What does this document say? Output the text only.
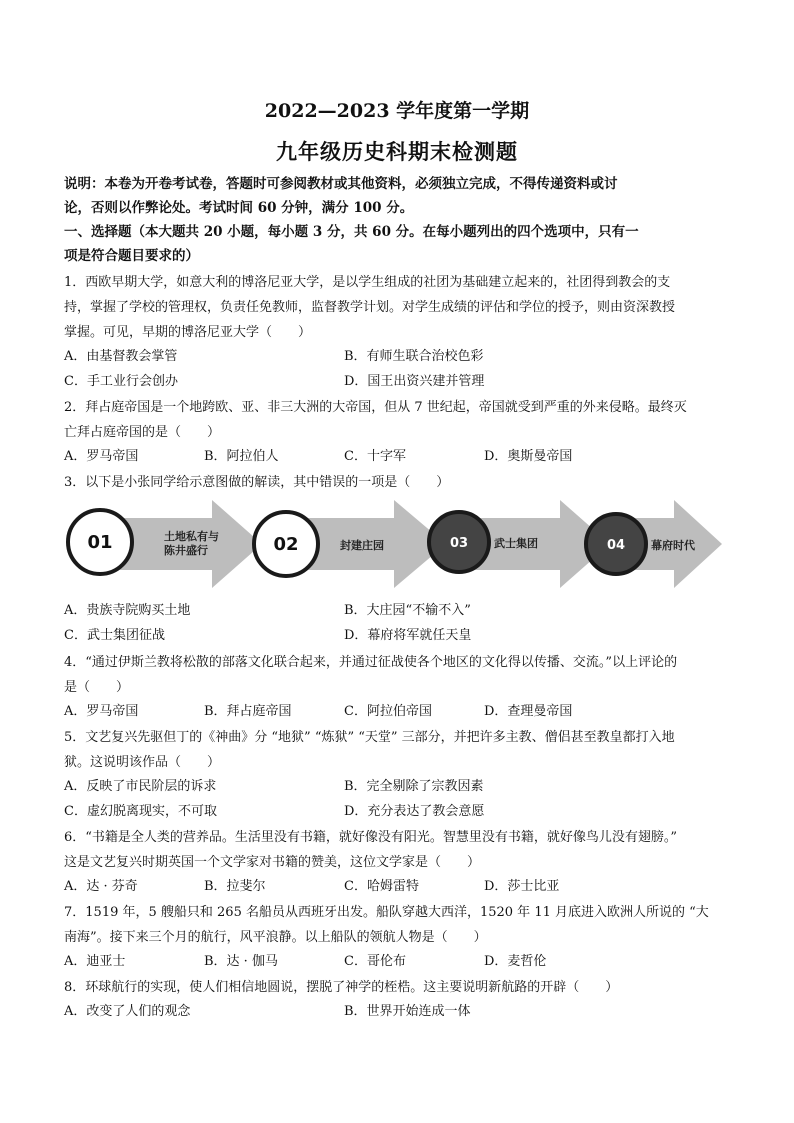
2022—2023 学年度第一学期
九年级历史科期末检测题
说明：本卷为开卷考试卷，答题时可参阅教材或其他资料，必须独立完成，不得传递资料或讨
论，否则以作弊论处。考试时间 60 分钟，满分 100 分。
一、选择题（本大题共 20 小题，每小题 3 分，共 60 分。在每小题列出的四个选项中，只有一
项是符合题目要求的）
1．西欧早期大学，如意大利的博洛尼亚大学，是以学生组成的社团为基础建立起来的，社团得到教会的支
持，掌握了学校的管理权，负责任免教师，监督教学计划。对学生成绩的评估和学位的授予，则由资深教授
掌握。可见，早期的博洛尼亚大学（　　）
A．由基督教会掌管	B．有师生联合治校色彩
C．手工业行会创办	D．国王出资兴建并管理
2．拜占庭帝国是一个地跨欧、亚、非三大洲的大帝国，但从 7 世纪起，帝国就受到严重的外来侵略。最终灭
亡拜占庭帝国的是（　　）
A．罗马帝国	B．阿拉伯人	C．十字军	D．奥斯曼帝国
3．以下是小张同学给示意图做的解读，其中错误的一项是（　　）
01	02	03	04
土地私有与
陈井盛行	封建庄园	武士集团	幕府时代
A．贵族寺院购买土地	B．大庄园“不输不入”
C．武士集团征战	D．幕府将军就任天皇
4．“通过伊斯兰教将松散的部落文化联合起来，并通过征战使各个地区的文化得以传播、交流。”以上评论的
是（　　）
A．罗马帝国	B．拜占庭帝国	C．阿拉伯帝国	D．查理曼帝国
5．文艺复兴先驱但丁的《神曲》分 “地狱” “炼狱” “天堂” 三部分，并把许多主教、僧侣甚至教皇都打入地
狱。这说明该作品（　　）
A．反映了市民阶层的诉求	B．完全剔除了宗教因素
C．虚幻脱离现实，不可取	D．充分表达了教会意愿
6．“书籍是全人类的营养品。生活里没有书籍，就好像没有阳光。智慧里没有书籍，就好像鸟儿没有翅膀。”
这是文艺复兴时期英国一个文学家对书籍的赞美，这位文学家是（　　）
A．达 · 芬奇	B．拉斐尔	C．哈姆雷特	D．莎士比亚
7．1519 年，5 艘船只和 265 名船员从西班牙出发。船队穿越大西洋，1520 年 11 月底进入欧洲人所说的 “大
南海”。接下来三个月的航行，风平浪静。以上船队的领航人物是（　　）
A．迪亚士	B．达 · 伽马	C．哥伦布	D．麦哲伦
8．环球航行的实现，使人们相信地圆说，摆脱了神学的桎梏。这主要说明新航路的开辟（　　）
A．改变了人们的观念	B．世界开始连成一体
